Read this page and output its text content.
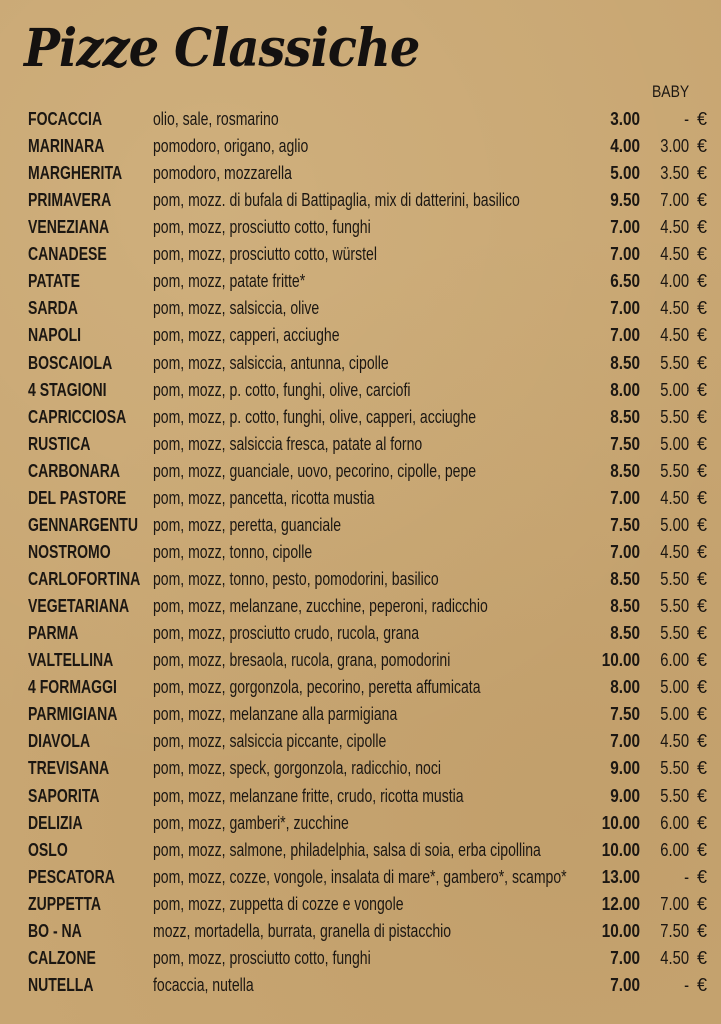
Pizze Classiche
BABY
FOCACCIA	olio, sale, rosmarino	3.00 - €
MARINARA	pomodoro, origano, aglio	4.00 3.00 €
MARGHERITA pomodoro, mozzarella	5.00 3.50 €
PRIMAVERA pom, mozz. di bufala di Battipaglia, mix di datterini, basilico	9.50 7.00 €
VENEZIANA pom, mozz, prosciutto cotto, funghi	7.00 4.50 €
CANADESE	pom, mozz, prosciutto cotto, würstel	7.00 4.50 €
PATATE	pom, mozz, patate fritte*	6.50 4.00 €
SARDA	pom, mozz, salsiccia, olive	7.00 4.50 €
NAPOLI	pom, mozz, capperi, acciughe	7.00 4.50 €
BOSCAIOLA pom, mozz, salsiccia, antunna, cipolle	8.50 5.50 €
4 STAGIONI	pom, mozz, p. cotto, funghi, olive, carciofi	8.00 5.00 €
CAPRICCIOSA pom, mozz, p. cotto, funghi, olive, capperi, acciughe	8.50 5.50 €
RUSTICA	pom, mozz, salsiccia fresca, patate al forno	7.50 5.00 €
CARBONARA pom, mozz, guanciale, uovo, pecorino, cipolle, pepe	8.50 5.50 €
DEL PASTORE pom, mozz, pancetta, ricotta mustia	7.00 4.50 €
GENNARGENTU pom, mozz, peretta, guanciale	7.50 5.00 €
NOSTROMO pom, mozz, tonno, cipolle	7.00 4.50 €
CARLOFORTINA pom, mozz, tonno, pesto, pomodorini, basilico	8.50 5.50 €
VEGETARIANA pom, mozz, melanzane, zucchine, peperoni, radicchio	8.50 5.50 €
PARMA	pom, mozz, prosciutto crudo, rucola, grana	8.50 5.50 €
VALTELLINA pom, mozz, bresaola, rucola, grana, pomodorini	10.00 6.00 €
4 FORMAGGI pom, mozz, gorgonzola, pecorino, peretta affumicata	8.00 5.00 €
PARMIGIANA pom, mozz, melanzane alla parmigiana	7.50 5.00 €
DIAVOLA	pom, mozz, salsiccia piccante, cipolle	7.00 4.50 €
TREVISANA pom, mozz, speck, gorgonzola, radicchio, noci	9.00 5.50 €
SAPORITA	pom, mozz, melanzane fritte, crudo, ricotta mustia	9.00 5.50 €
DELIZIA	pom, mozz, gamberi*, zucchine	10.00 6.00 €
OSLO	pom, mozz, salmone, philadelphia, salsa di soia, erba cipollina	10.00 6.00 €
PESCATORA pom, mozz, cozze, vongole, insalata di mare*, gambero*, scampo* 13.00 - €
ZUPPETTA	pom, mozz, zuppetta di cozze e vongole	12.00 7.00 €
BO - NA	mozz, mortadella, burrata, granella di pistacchio	10.00 7.50 €
CALZONE	pom, mozz, prosciutto cotto, funghi	7.00 4.50 €
NUTELLA	focaccia, nutella	7.00 - €
